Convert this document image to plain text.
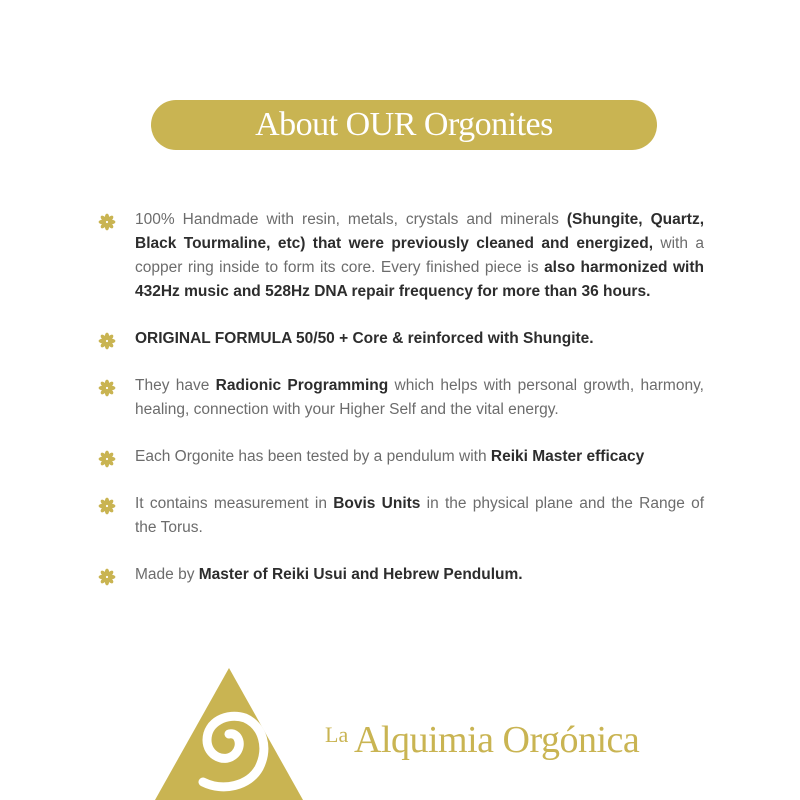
About OUR Orgonites
100% Handmade with resin, metals, crystals and minerals (Shungite, Quartz, Black Tourmaline, etc) that were previously cleaned and energized, with a copper ring inside to form its core. Every finished piece is also harmonized with 432Hz music and 528Hz DNA repair frequency for more than 36 hours.
ORIGINAL FORMULA 50/50 + Core & reinforced with Shungite.
They have Radionic Programming which helps with personal growth, harmony, healing, connection with your Higher Self and the vital energy.
Each Orgonite has been tested by a pendulum with Reiki Master efficacy
It contains measurement in Bovis Units in the physical plane and the Range of the Torus.
Made by Master of Reiki Usui and Hebrew Pendulum.
La Alquimia Orgónica
